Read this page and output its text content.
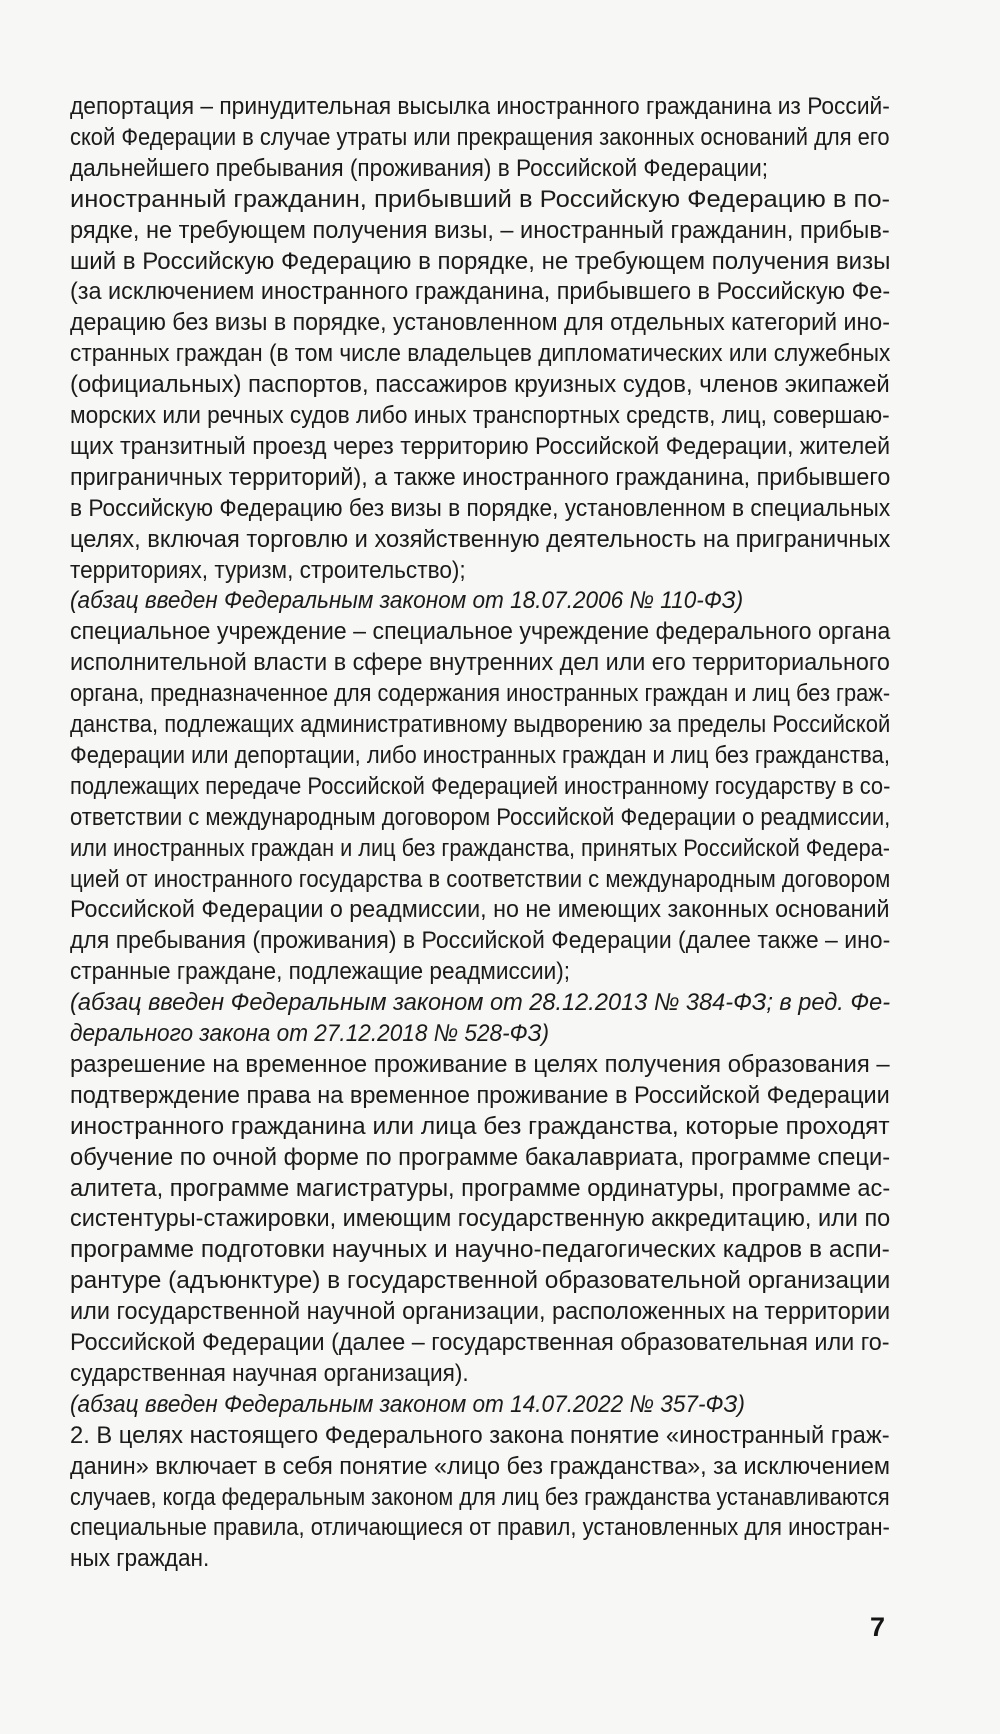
депортация – принудительная высылка иностранного гражданина из Россий-
ской Федерации в случае утраты или прекращения законных оснований для его
дальнейшего пребывания (проживания) в Российской Федерации;
иностранный гражданин, прибывший в Российскую Федерацию в по-
рядке, не требующем получения визы, – иностранный гражданин, прибыв-
ший в Российскую Федерацию в порядке, не требующем получения визы
(за исключением иностранного гражданина, прибывшего в Российскую Фе-
дерацию без визы в порядке, установленном для отдельных категорий ино-
странных граждан (в том числе владельцев дипломатических или служебных
(официальных) паспортов, пассажиров круизных судов, членов экипажей
морских или речных судов либо иных транспортных средств, лиц, совершаю-
щих транзитный проезд через территорию Российской Федерации, жителей
приграничных территорий), а также иностранного гражданина, прибывшего
в Российскую Федерацию без визы в порядке, установленном в специальных
целях, включая торговлю и хозяйственную деятельность на приграничных
территориях, туризм, строительство);
(абзац введен Федеральным законом от 18.07.2006 № 110-ФЗ)
специальное учреждение – специальное учреждение федерального органа
исполнительной власти в сфере внутренних дел или его территориального
органа, предназначенное для содержания иностранных граждан и лиц без граж-
данства, подлежащих административному выдворению за пределы Российской
Федерации или депортации, либо иностранных граждан и лиц без гражданства,
подлежащих передаче Российской Федерацией иностранному государству в со-
ответствии с международным договором Российской Федерации о реадмиссии,
или иностранных граждан и лиц без гражданства, принятых Российской Федера-
цией от иностранного государства в соответствии с международным договором
Российской Федерации о реадмиссии, но не имеющих законных оснований
для пребывания (проживания) в Российской Федерации (далее также – ино-
странные граждане, подлежащие реадмиссии);
(абзац введен Федеральным законом от 28.12.2013 № 384-ФЗ; в ред. Фе-
дерального закона от 27.12.2018 № 528-ФЗ)
разрешение на временное проживание в целях получения образования –
подтверждение права на временное проживание в Российской Федерации
иностранного гражданина или лица без гражданства, которые проходят
обучение по очной форме по программе бакалавриата, программе специ-
алитета, программе магистратуры, программе ординатуры, программе ас-
систентуры-стажировки, имеющим государственную аккредитацию, или по
программе подготовки научных и научно-педагогических кадров в аспи-
рантуре (адъюнктуре) в государственной образовательной организации
или государственной научной организации, расположенных на территории
Российской Федерации (далее – государственная образовательная или го-
сударственная научная организация).
(абзац введен Федеральным законом от 14.07.2022 № 357-ФЗ)
2. В целях настоящего Федерального закона понятие «иностранный граж-
данин» включает в себя понятие «лицо без гражданства», за исключением
случаев, когда федеральным законом для лиц без гражданства устанавливаются
специальные правила, отличающиеся от правил, установленных для иностран-
ных граждан.
7
